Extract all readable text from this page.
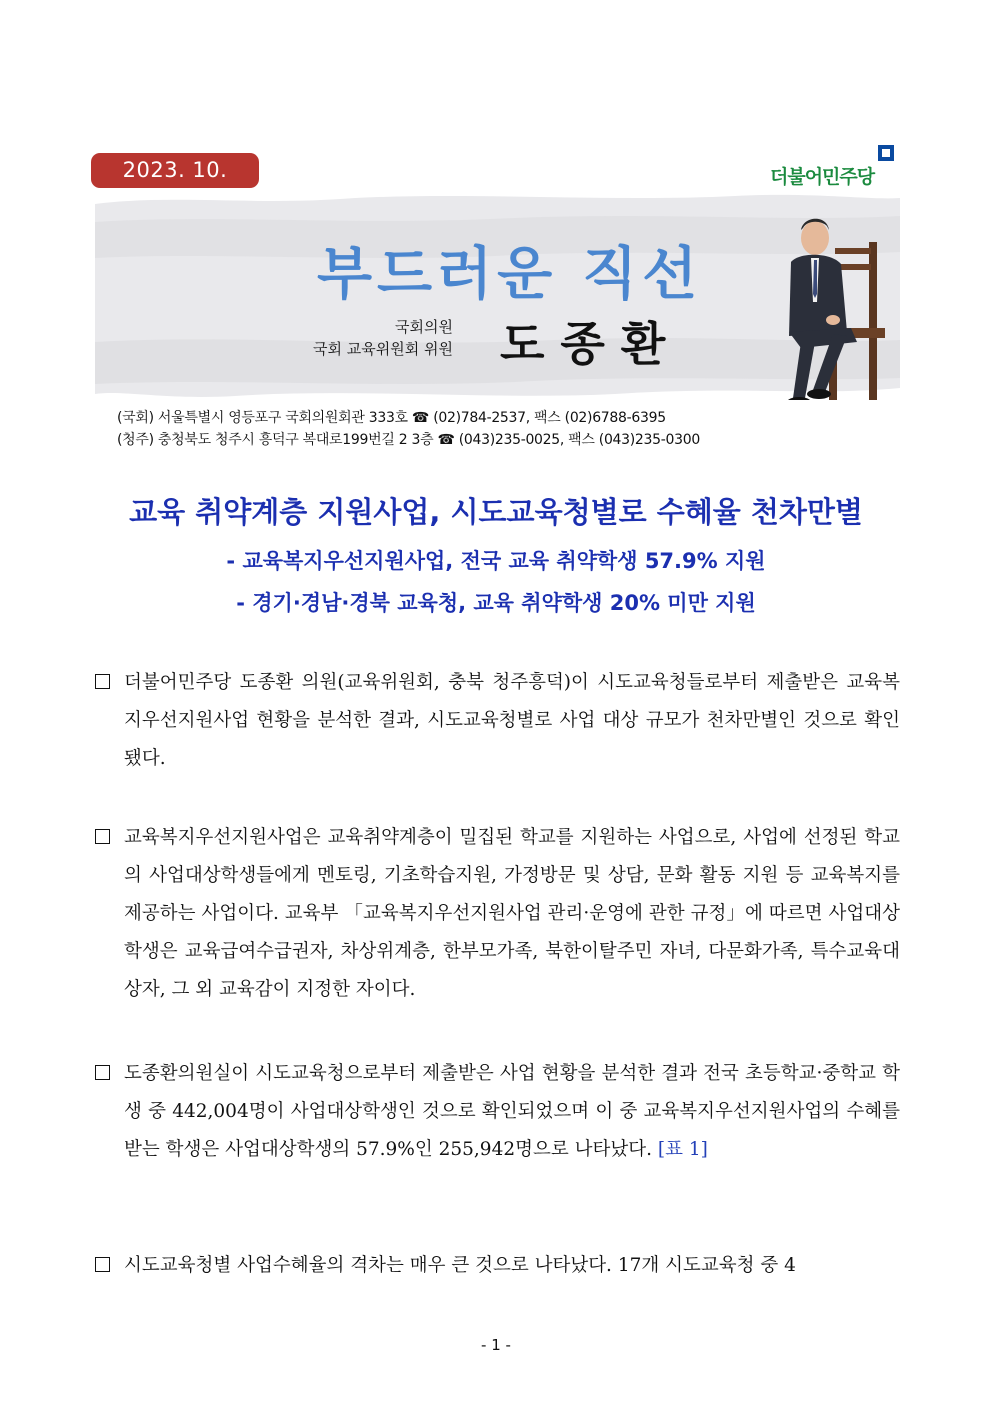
2023. 10.	더불어민주당
부드러운 직선
국회의원
국회 교육위원회 위원 도종환
(국회) 서울특별시 영등포구 국회의원회관 333호 ☎ (02)784-2537, 팩스 (02)6788-6395
(청주) 충청북도 청주시 흥덕구 복대로199번길 2 3층 ☎ (043)235-0025, 팩스 (043)235-0300
교육 취약계층 지원사업, 시도교육청별로 수혜율 천차만별
- 교육복지우선지원사업, 전국 교육 취약학생 57.9% 지원
- 경기·경남·경북 교육청, 교육 취약학생 20% 미만 지원
더불어민주당 도종환 의원(교육위원회, 충북 청주흥덕)이 시도교육청들로부터 제출받은 교육복지우선지원사업 현황을 분석한 결과, 시도교육청별로 사업 대상 규모가 천차만별인 것으로 확인됐다.
교육복지우선지원사업은 교육취약계층이 밀집된 학교를 지원하는 사업으로, 사업에 선정된 학교의 사업대상학생들에게 멘토링, 기초학습지원, 가정방문 및 상담, 문화 활동 지원 등 교육복지를 제공하는 사업이다. 교육부 「교육복지우선지원사업 관리·운영에 관한 규정」에 따르면 사업대상학생은 교육급여수급권자, 차상위계층, 한부모가족, 북한이탈주민 자녀, 다문화가족, 특수교육대상자, 그 외 교육감이 지정한 자이다.
도종환의원실이 시도교육청으로부터 제출받은 사업 현황을 분석한 결과 전국 초등학교·중학교 학생 중 442,004명이 사업대상학생인 것으로 확인되었으며 이 중 교육복지우선지원사업의 수혜를 받는 학생은 사업대상학생의 57.9%인 255,942명으로 나타났다. [표 1]
시도교육청별 사업수혜율의 격차는 매우 큰 것으로 나타났다. 17개 시도교육청 중 4
- 1 -
